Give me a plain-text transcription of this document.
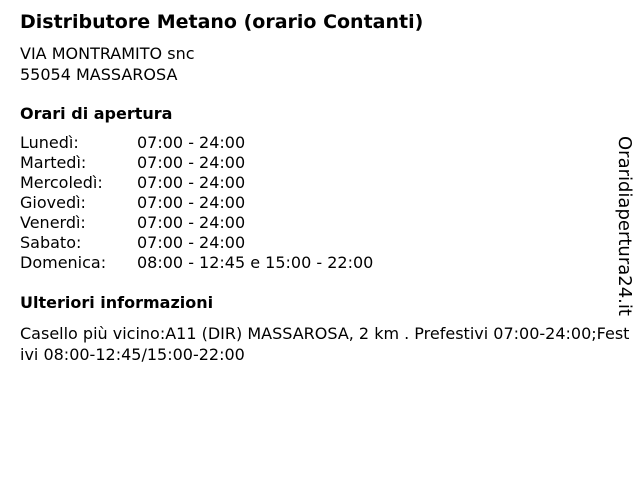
Distributore Metano (orario Contanti)
VIA MONTRAMITO snc
55054 MASSAROSA
Orari di apertura
Lunedì:	07:00 - 24:00
Martedì:	07:00 - 24:00
Mercoledì: 07:00 - 24:00
Giovedì:	07:00 - 24:00
Venerdì:	07:00 - 24:00
Sabato:	07:00 - 24:00
Domenica: 08:00 - 12:45 e 15:00 - 22:00
Ulteriori informazioni
Casello più vicino:A11 (DIR) MASSAROSA, 2 km . Prefestivi 07:00-24:00;Festivi 08:00-12:45/15:00-22:00
Oraridiapertura24.it
